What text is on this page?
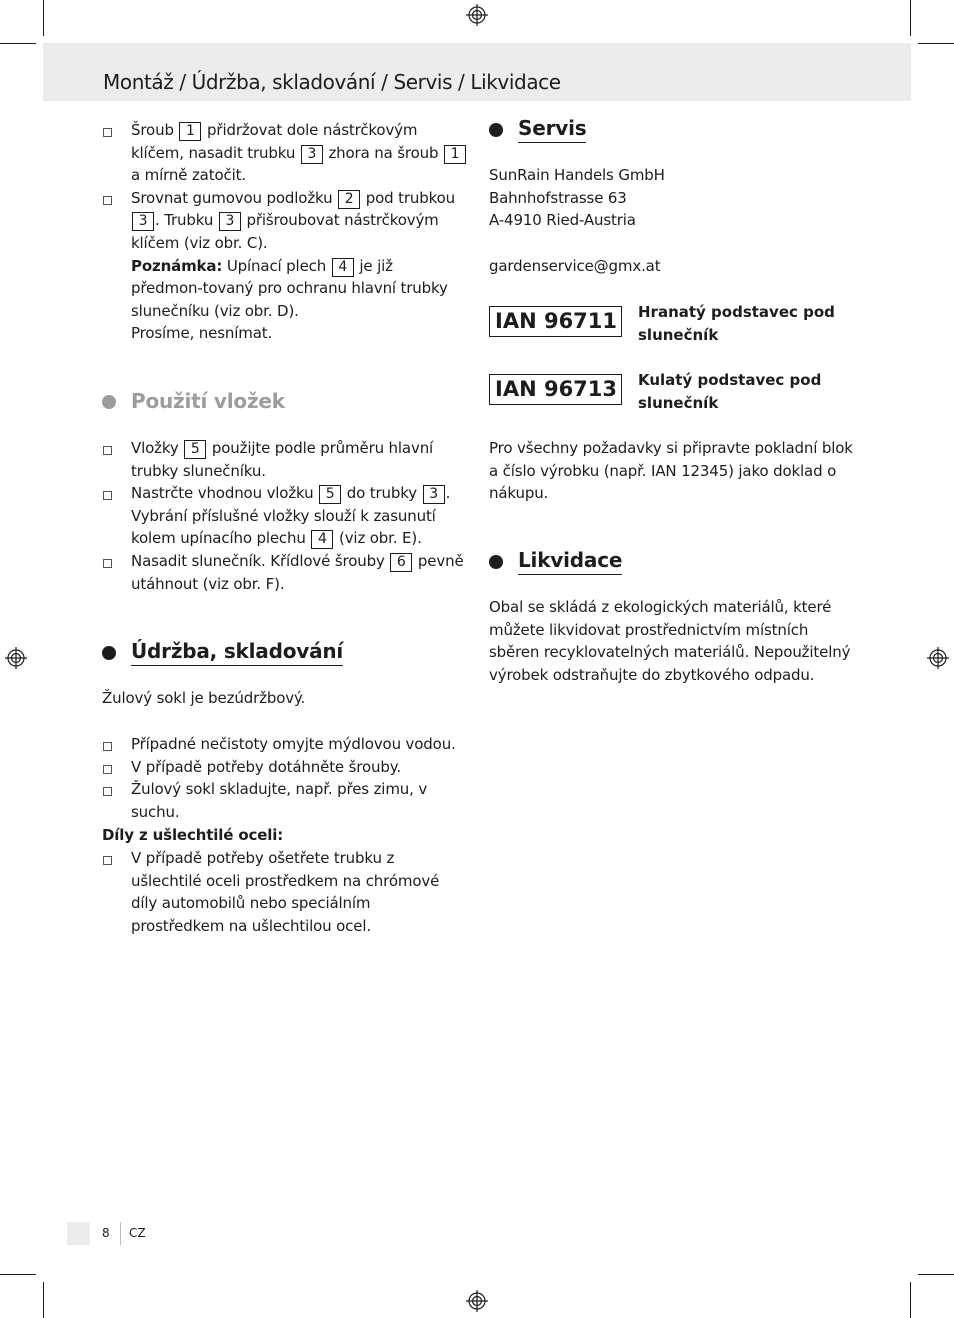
Montáž / Údržba, skladování / Servis / Likvidace

Šroub 1 přidržovat dole nástrčkovým klíčem, nasadit trubku 3 zhora na šroub 1 a mírně zatočit.

Srovnat gumovou podložku 2 pod trubkou 3 . Trubku 3 přišroubovat nástrčkovým klíčem (viz obr. C).

Poznámka: Upínací plech 4 je již předmon-tovaný pro ochranu hlavní trubky slunečníku (viz obr. D).

Prosíme, nesnímat.

Použití vložek

Vložky 5 použijte podle průměru hlavní trubky slunečníku.

Nastrčte vhodnou vložku 5 do trubky 3 . Vybrání příslušné vložky slouží k zasunutí kolem upínacího plechu 4 (viz obr. E).

Nasadit slunečník. Křídlové šrouby 6 pevně utáhnout (viz obr. F).

Údržba, skladování
Žulový sokl je bezúdržbový.

Případné nečistoty omyjte mýdlovou vodou.

V případě potřeby dotáhněte šrouby.

Žulový sokl skladujte, např. přes zimu, v suchu.

Díly z ušlechtilé oceli:

V případě potřeby ošetřete trubku z ušlechtilé oceli prostředkem na chrómové díly automobilů nebo speciálním prostředkem na ušlechtilou ocel.

Servis

SunRain Handels GmbH

Bahnhofstrasse 63

A-4910 Ried-Austria

gardenservice@gmx.at
IAN 96711	Hranatý podstavec pod slunečník
IAN 96713	Kulatý podstavec pod slunečník
Pro všechny požadavky si připravte pokladní blok a číslo výrobku (např. IAN 12345) jako doklad o nákupu.
Likvidace
Obal se skládá z ekologických materiálů, které můžete likvidovat prostřednictvím místních sběren recyklovatelných materiálů. Nepoužitelný výrobek odstraňujte do zbytkového odpadu.
8 CZ
